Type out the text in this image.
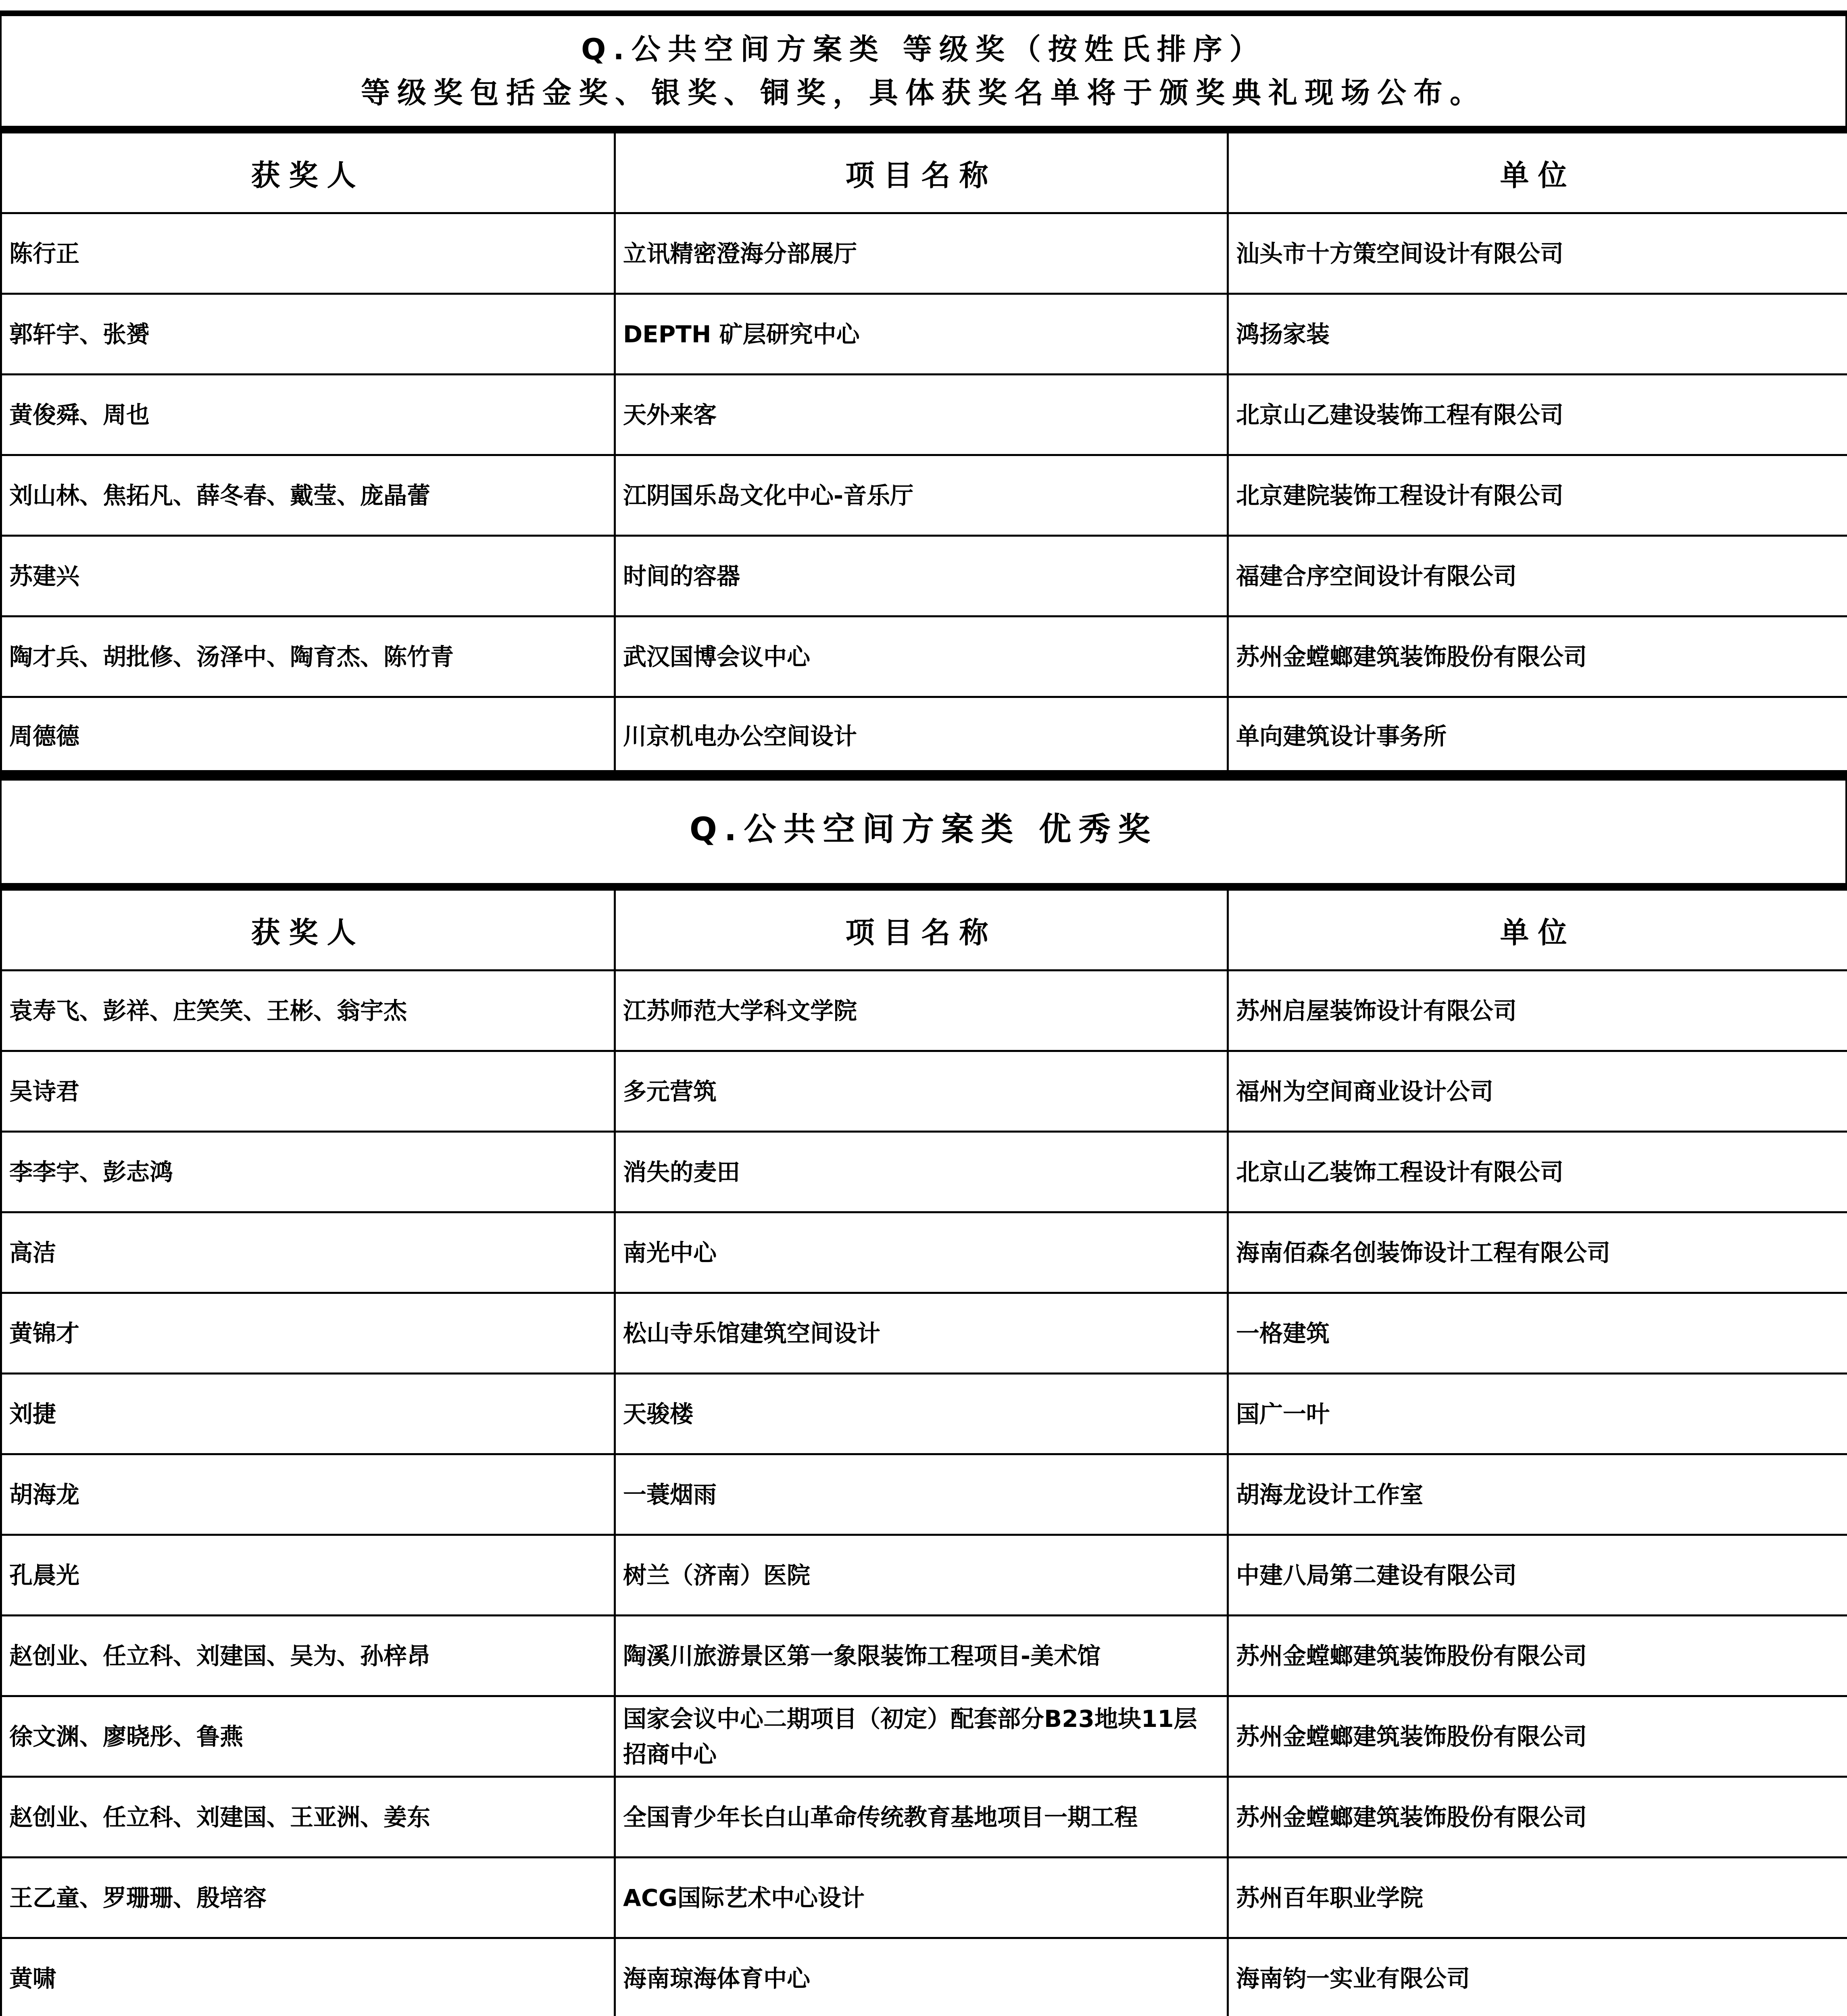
Q.公共空间方案类 等级奖（按姓氏排序）
等级奖包括金奖、银奖、铜奖，具体获奖名单将于颁奖典礼现场公布。
获奖人	项目名称	单位
陈行正	立讯精密澄海分部展厅	汕头市十方策空间设计有限公司
郭轩宇、张赟	DEPTH 矿层研究中心	鸿扬家装
黄俊舜、周也	天外来客	北京山乙建设装饰工程有限公司
刘山林、焦拓凡、薛冬春、戴莹、庞晶蕾	江阴国乐岛文化中心-音乐厅	北京建院装饰工程设计有限公司
苏建兴	时间的容器	福建合序空间设计有限公司
陶才兵、胡批修、汤泽中、陶育杰、陈竹青	武汉国博会议中心	苏州金螳螂建筑装饰股份有限公司
周德德	川京机电办公空间设计	单向建筑设计事务所
Q.公共空间方案类 优秀奖
获奖人	项目名称	单位
袁寿飞、彭祥、庄笑笑、王彬、翁宇杰	江苏师范大学科文学院	苏州启屋装饰设计有限公司
吴诗君	多元营筑	福州为空间商业设计公司
李李宇、彭志鸿	消失的麦田	北京山乙装饰工程设计有限公司
高洁	南光中心	海南佰森名创装饰设计工程有限公司
黄锦才	松山寺乐馆建筑空间设计	一格建筑
刘捷	天骏楼	国广一叶
胡海龙	一蓑烟雨	胡海龙设计工作室
孔晨光	树兰（济南）医院	中建八局第二建设有限公司
赵创业、任立科、刘建国、吴为、孙梓昂	陶溪川旅游景区第一象限装饰工程项目-美术馆	苏州金螳螂建筑装饰股份有限公司
徐文渊、廖晓彤、鲁燕	国家会议中心二期项目（初定）配套部分B23地块11层招商中心	苏州金螳螂建筑装饰股份有限公司
赵创业、任立科、刘建国、王亚洲、姜东	全国青少年长白山革命传统教育基地项目一期工程	苏州金螳螂建筑装饰股份有限公司
王乙童、罗珊珊、殷培容	ACG国际艺术中心设计	苏州百年职业学院
黄啸	海南琼海体育中心	海南钧一实业有限公司
